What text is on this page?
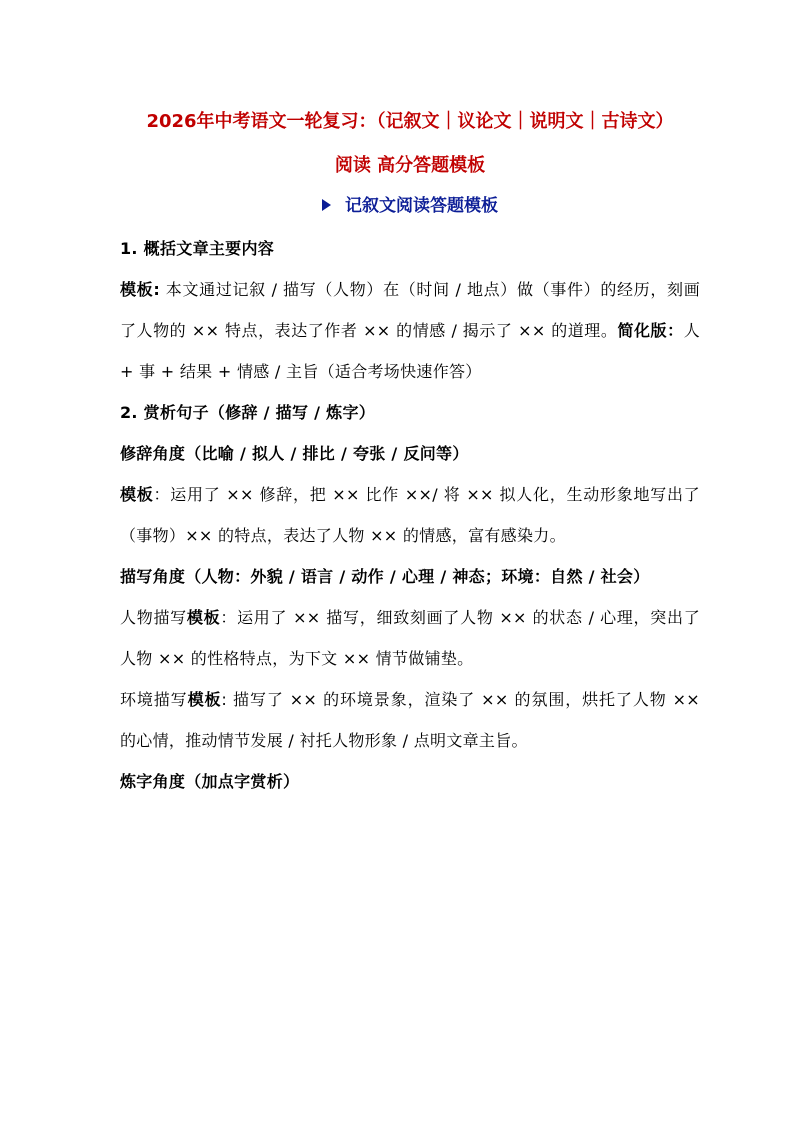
2026年中考语文一轮复习：（记叙文｜议论文｜说明文｜古诗文）

阅读 高分答题模板

记叙文阅读答题模板

1. 概括文章主要内容

模板: 本文通过记叙 / 描写（人物）在（时间 / 地点）做（事件）的经历，刻画了人物的 ×× 特点，表达了作者 ×× 的情感 / 揭示了 ×× 的道理。简化版：人 + 事 + 结果 + 情感 / 主旨（适合考场快速作答）

2. 赏析句子（修辞 / 描写 / 炼字）

修辞角度（比喻 / 拟人 / 排比 / 夸张 / 反问等）

模板：运用了 ×× 修辞，把 ×× 比作 ××/ 将 ×× 拟人化，生动形象地写出了（事物）×× 的特点，表达了人物 ×× 的情感，富有感染力。

描写角度（人物：外貌 / 语言 / 动作 / 心理 / 神态；环境：自然 / 社会）

人物描写模板：运用了 ×× 描写，细致刻画了人物 ×× 的状态 / 心理，突出了人物 ×× 的性格特点，为下文 ×× 情节做铺垫。

环境描写模板: 描写了 ×× 的环境景象，渲染了 ×× 的氛围，烘托了人物 ×× 的心情，推动情节发展 / 衬托人物形象 / 点明文章主旨。

炼字角度（加点字赏析）
